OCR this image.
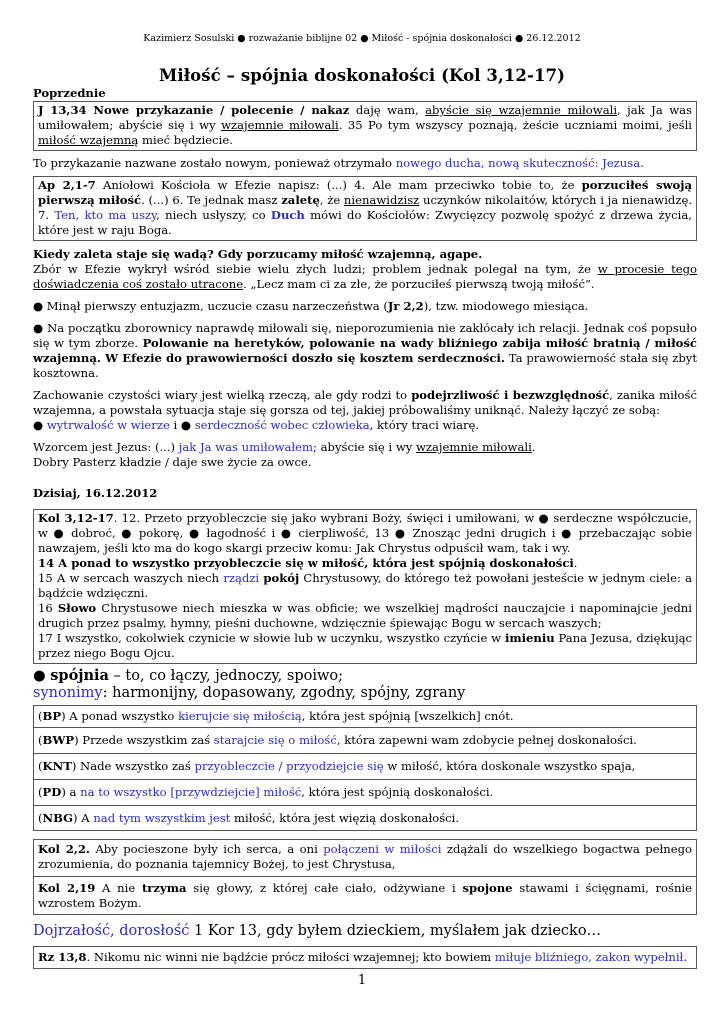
Kazimierz Sosulski ● rozważanie biblijne 02 ● Miłość - spójnia doskonałości ● 26.12.2012
Miłość – spójnia doskonałości (Kol 3,12-17)
Poprzednie
J 13,34 Nowe przykazanie / polecenie / nakaz daję wam, abyście się wzajemnie miłowali, jak Ja was umiłowałem; abyście się i wy wzajemnie miłowali. 35 Po tym wszyscy poznają, żeście uczniami moimi, jeśli miłość wzajemną mieć będziecie.

To przykazanie nazwane zostało nowym, ponieważ otrzymało nowego ducha, nową skuteczność: Jezusa.

Ap 2,1-7 Aniołowi Kościoła w Efezie napisz: (...) 4. Ale mam przeciwko tobie to, że porzuciłeś swoją pierwszą miłość. (...) 6. Te jednak masz zaletę, że nienawidzisz uczynków nikolaitów, których i ja nienawidzę. 7. Ten, kto ma uszy, niech usłyszy, co Duch mówi do Kościołów: Zwycięzcy pozwolę spożyć z drzewa życia, które jest w raju Boga.

Kiedy zaleta staje się wadą? Gdy porzucamy miłość wzajemną, agape.
Zbór w Efezie wykrył wśród siebie wielu złych ludzi; problem jednak polegał na tym, że w procesie tego doświadczenia coś zostało utracone. „Lecz mam ci za złe, że porzuciłeś pierwszą twoją miłość”.

● Minął pierwszy entuzjazm, uczucie czasu narzeczeństwa (Jr 2,2), tzw. miodowego miesiąca.

● Na początku zborownicy naprawdę miłowali się, nieporozumienia nie zakłócały ich relacji. Jednak coś popsuło się w tym zborze. Polowanie na heretyków, polowanie na wady bliźniego zabija miłość bratnią / miłość wzajemną. W Efezie do prawowierności doszło się kosztem serdeczności. Ta prawowierność stała się zbyt kosztowna.

Zachowanie czystości wiary jest wielką rzeczą, ale gdy rodzi to podejrzliwość i bezwzględność, zanika miłość wzajemna, a powstała sytuacja staje się gorsza od tej, jakiej próbowaliśmy uniknąć. Należy łączyć ze sobą:
● wytrwałość w wierze i ● serdeczność wobec człowieka, który traci wiarę.

Wzorcem jest Jezus: (...) jak Ja was umiłowałem; abyście się i wy wzajemnie miłowali.
Dobry Pasterz kładzie / daje swe życie za owce.

Dzisiaj, 16.12.2012
Kol 3,12-17. 12. Przeto przyobleczcie się jako wybrani Boży, święci i umiłowani, w ● serdeczne współczucie, w ● dobroć, ● pokorę, ● łagodność i ● cierpliwość, 13 ● Znosząc jedni drugich i ● przebaczając sobie nawzajem, jeśli kto ma do kogo skargi przeciw komu: Jak Chrystus odpuścił wam, tak i wy.
14 A ponad to wszystko przyobleczcie się w miłość, która jest spójnią doskonałości.
15 A w sercach waszych niech rządzi pokój Chrystusowy, do którego też powołani jesteście w jednym ciele: a bądźcie wdzięczni.
16 Słowo Chrystusowe niech mieszka w was obficie; we wszelkiej mądrości nauczajcie i napominajcie jedni drugich przez psalmy, hymny, pieśni duchowne, wdzięcznie śpiewając Bogu w sercach waszych;
17 I wszystko, cokolwiek czynicie w słowie lub w uczynku, wszystko czyńcie w imieniu Pana Jezusa, dziękując przez niego Bogu Ojcu.

● spójnia – to, co łączy, jednoczy, spoiwo;
synonimy: harmonijny, dopasowany, zgodny, spójny, zgrany

(BP) A ponad wszystko kierujcie się miłością, która jest spójnią [wszelkich] cnót.
(BWP) Przede wszystkim zaś starajcie się o miłość, która zapewni wam zdobycie pełnej doskonałości.
(KNT) Nade wszystko zaś przyobleczcie / przyodziejcie się w miłość, która doskonale wszystko spaja,
(PD) a na to wszystko [przywdziejcie] miłość, która jest spójnią doskonałości.
(NBG) A nad tym wszystkim jest miłość, która jest więzią doskonałości.
Kol 2,2. Aby pocieszone były ich serca, a oni połączeni w miłości zdążali do wszelkiego bogactwa pełnego zrozumienia, do poznania tajemnicy Bożej, to jest Chrystusa,
Kol 2,19 A nie trzyma się głowy, z której całe ciało, odżywiane i spojone stawami i ścięgnami, rośnie wzrostem Bożym.

Dojrzałość, dorosłość 1 Kor 13, gdy byłem dzieckiem, myślałem jak dziecko…

Rz 13,8. Nikomu nic winni nie bądźcie prócz miłości wzajemnej; kto bowiem miłuje bliźniego, zakon wypełnił.
1
